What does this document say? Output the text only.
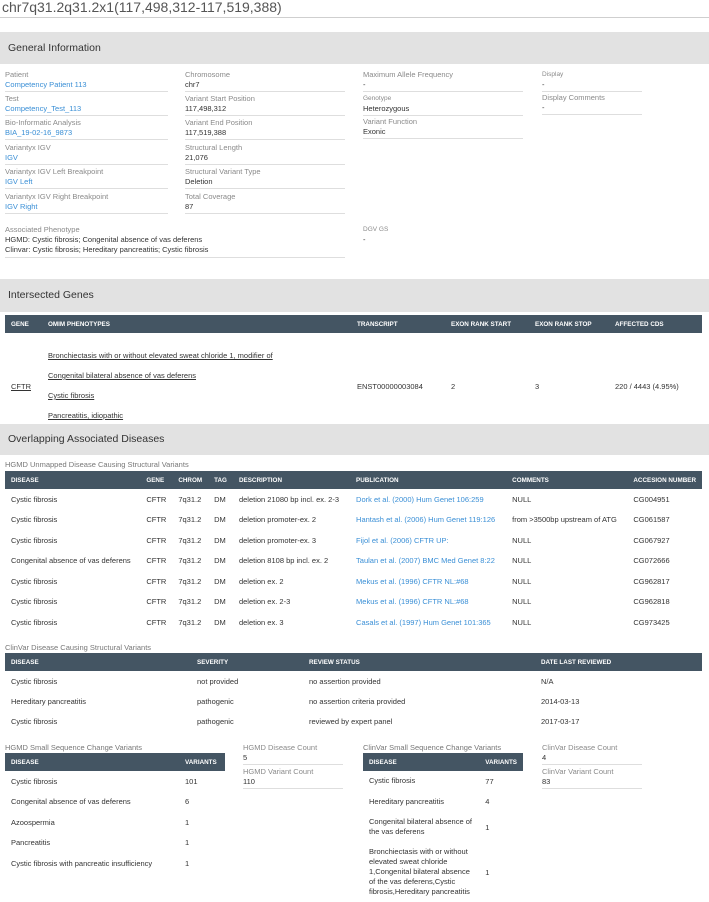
chr7q31.2q31.2x1(117,498,312-117,519,388)
General Information
Patient
Competency Patient 113
Test
Competency_Test_113
Bio-Informatic Analysis
BIA_19-02-16_9873
Variantyx IGV
IGV
Variantyx IGV Left Breakpoint
IGV Left
Variantyx IGV Right Breakpoint
IGV Right
Chromosome
chr7
Variant Start Position
117,498,312
Variant End Position
117,519,388
Structural Length
21,076
Structural Variant Type
Deletion
Total Coverage
87
Maximum Allele Frequency
-
Genotype
Heterozygous
Variant Function
Exonic
Display
-
Display Comments
-
Associated Phenotype
HGMD: Cystic fibrosis; Congenital absence of vas deferens
Clinvar: Cystic fibrosis; Hereditary pancreatitis; Cystic fibrosis
DGV GS
-
Intersected Genes
GENE	OMIM PHENOTYPES	TRANSCRIPT	EXON RANK START	EXON RANK STOP	AFFECTED CDS
CFTR	Bronchiectasis with or without elevated sweat chloride 1, modifier of
Congenital bilateral absence of vas deferens
Cystic fibrosis
Pancreatitis, idiopathic	ENST00000003084	2	3	220 / 4443 (4.95%)
Overlapping Associated Diseases
HGMD Unmapped Disease Causing Structural Variants
DISEASE	GENE	CHROM	TAG	DESCRIPTION	PUBLICATION	COMMENTS	ACCESION NUMBER
Cystic fibrosis	CFTR	7q31.2	DM	deletion 21080 bp incl. ex. 2-3	Dork et al. (2000) Hum Genet 106:259	NULL	CG004951
Cystic fibrosis	CFTR	7q31.2	DM	deletion promoter-ex. 2	Hantash et al. (2006) Hum Genet 119:126	from >3500bp upstream of ATG	CG061587
Cystic fibrosis	CFTR	7q31.2	DM	deletion promoter-ex. 3	Fijol et al. (2006) CFTR UP:	NULL	CG067927
Congenital absence of vas deferens	CFTR	7q31.2	DM	deletion 8108 bp incl. ex. 2	Taulan et al. (2007) BMC Med Genet 8:22	NULL	CG072666
Cystic fibrosis	CFTR	7q31.2	DM	deletion ex. 2	Mekus et al. (1996) CFTR NL:#68	NULL	CG962817
Cystic fibrosis	CFTR	7q31.2	DM	deletion ex. 2-3	Mekus et al. (1996) CFTR NL:#68	NULL	CG962818
Cystic fibrosis	CFTR	7q31.2	DM	deletion ex. 3	Casals et al. (1997) Hum Genet 101:365	NULL	CG973425
ClinVar Disease Causing Structural Variants
DISEASE	SEVERITY	REVIEW STATUS	DATE LAST REVIEWED
Cystic fibrosis	not provided	no assertion provided	N/A
Hereditary pancreatitis	pathogenic	no assertion criteria provided	2014-03-13
Cystic fibrosis	pathogenic	reviewed by expert panel	2017-03-17
HGMD Small Sequence Change Variants
DISEASE	VARIANTS
Cystic fibrosis	101
Congenital absence of vas deferens	6
Azoospermia	1
Pancreatitis	1
Cystic fibrosis with pancreatic insufficiency	1
HGMD Disease Count
5
HGMD Variant Count
110
ClinVar Small Sequence Change Variants
DISEASE	VARIANTS
Cystic fibrosis	77
Hereditary pancreatitis	4
Congenital bilateral absence of the vas deferens	1
Bronchiectasis with or without elevated sweat chloride 1,Congenital bilateral absence of the vas deferens,Cystic fibrosis,Hereditary pancreatitis	1
ClinVar Disease Count
4
ClinVar Variant Count
83
